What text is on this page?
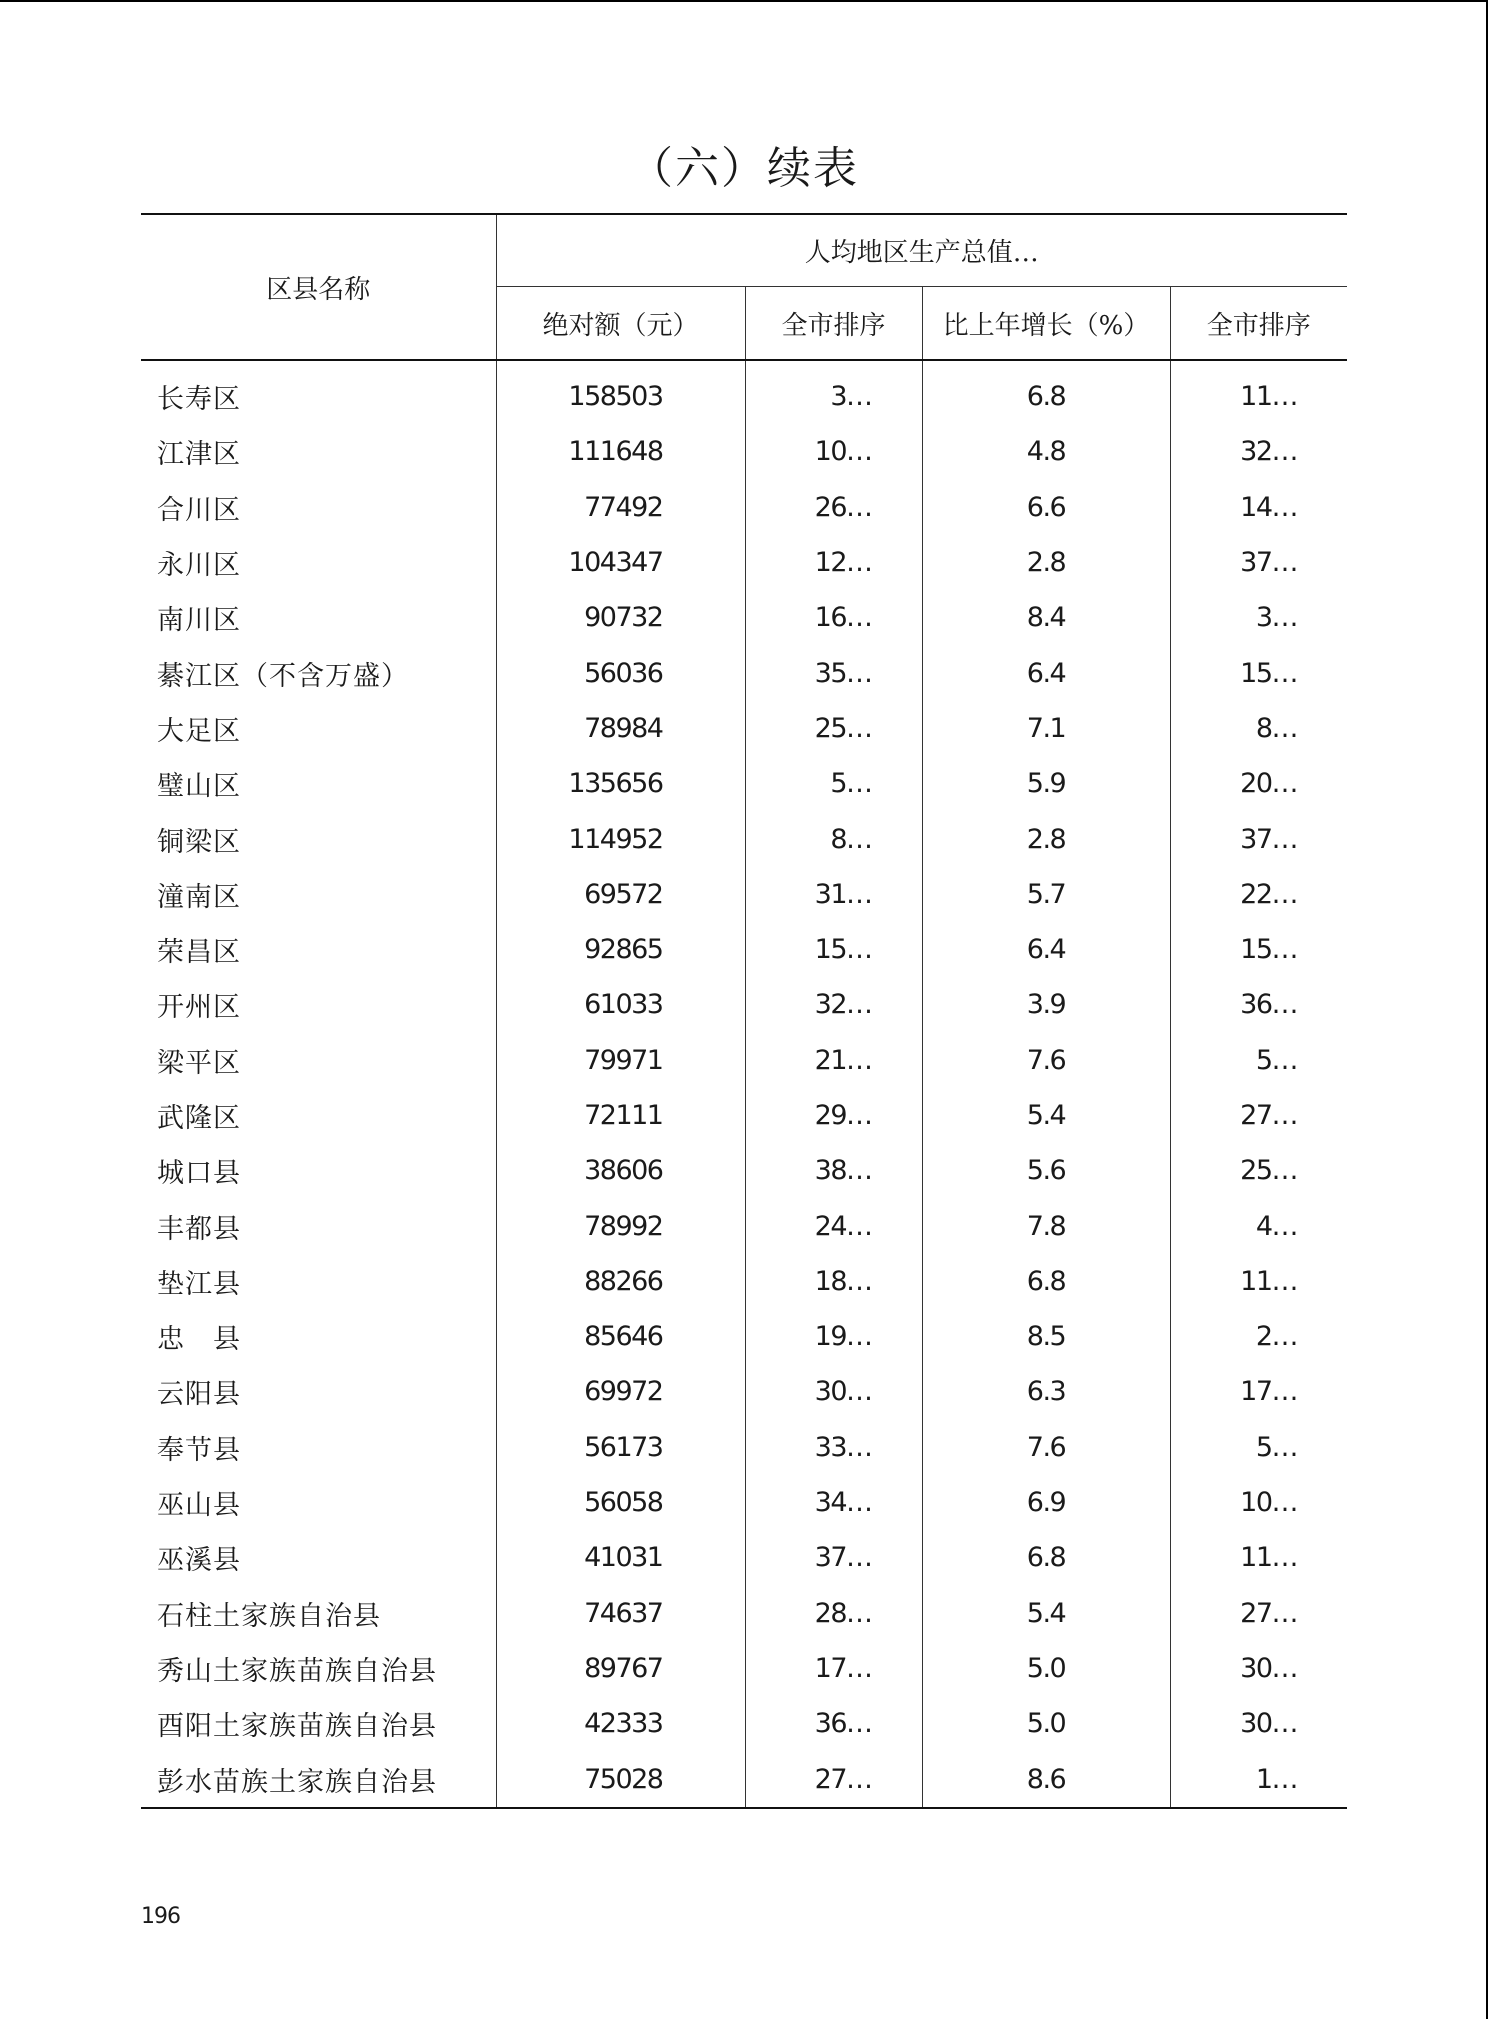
（六）续表
区县名称	人均地区生产总值…			
	绝对额（元）	全市排序	比上年增长（%）	全市排序
长寿区	158503	3…	6.8	11…
江津区	111648	10…	4.8	32…
合川区	77492	26…	6.6	14…
永川区	104347	12…	2.8	37…
南川区	90732	16…	8.4	3…
綦江区（不含万盛）	56036	35…	6.4	15…
大足区	78984	25…	7.1	8…
璧山区	135656	5…	5.9	20…
铜梁区	114952	8…	2.8	37…
潼南区	69572	31…	5.7	22…
荣昌区	92865	15…	6.4	15…
开州区	61033	32…	3.9	36…
梁平区	79971	21…	7.6	5…
武隆区	72111	29…	5.4	27…
城口县	38606	38…	5.6	25…
丰都县	78992	24…	7.8	4…
垫江县	88266	18…	6.8	11…
忠　县	85646	19…	8.5	2…
云阳县	69972	30…	6.3	17…
奉节县	56173	33…	7.6	5…
巫山县	56058	34…	6.9	10…
巫溪县	41031	37…	6.8	11…
石柱土家族自治县	74637	28…	5.4	27…
秀山土家族苗族自治县	89767	17…	5.0	30…
酉阳土家族苗族自治县	42333	36…	5.0	30…
彭水苗族土家族自治县	75028	27…	8.6	1…
196
